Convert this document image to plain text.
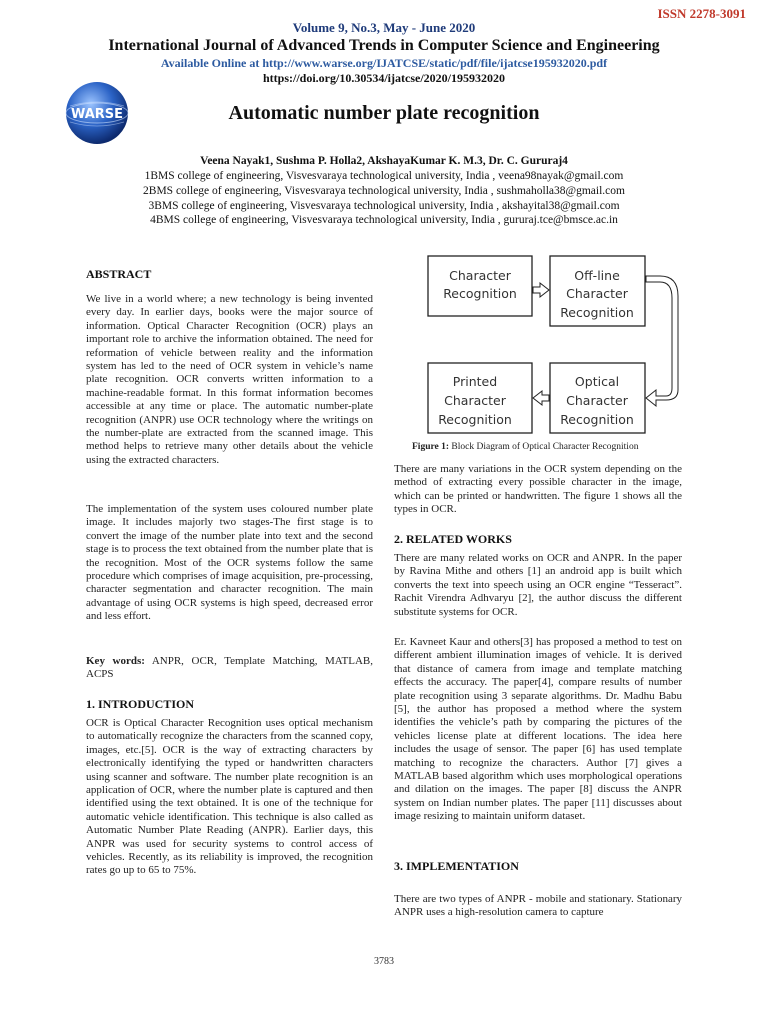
ISSN 2278-3091
Volume 9, No.3, May - June 2020
International Journal of Advanced Trends in Computer Science and Engineering
Available Online at http://www.warse.org/IJATCSE/static/pdf/file/ijatcse195932020.pdf
https://doi.org/10.30534/ijatcse/2020/195932020
WARSE	Automatic number plate recognition
Veena Nayak1, Sushma P. Holla2, AkshayaKumar K. M.3, Dr. C. Gururaj4
1BMS college of engineering, Visvesvaraya technological university, India , veena98nayak@gmail.com
2BMS college of engineering, Visvesvaraya technological university, India , sushmaholla38@gmail.com
3BMS college of engineering, Visvesvaraya technological university, India , akshayital38@gmail.com
4BMS college of engineering, Visvesvaraya technological university, India , gururaj.tce@bmsce.ac.in
ABSTRACT
We live in a world where; a new technology is being invented every day. In earlier days, books were the major source of information. Optical Character Recognition (OCR) plays an important role to archive the information obtained. The need for reformation of vehicle between reality and the information system has led to the need of OCR system in vehicle’s name plate recognition. OCR converts written information to a machine-readable format. In this format information becomes accessible at any time or place. The automatic number-plate recognition (ANPR) use OCR technology where the writings on the number-plate are extracted from the scanned image. This method helps to retrieve many other details about the vehicle using the extracted characters.
The implementation of the system uses coloured number plate image. It includes majorly two stages-The first stage is to convert the image of the number plate into text and the second stage is to process the text obtained from the number plate that is the recognition. Most of the OCR systems follow the same procedure which comprises of image acquisition, pre-processing, character segmentation and character recognition. The main advantage of using OCR systems is high speed, decreased error and less effort.
Key words: ANPR, OCR, Template Matching, MATLAB, ACPS
1. INTRODUCTION
OCR is Optical Character Recognition uses optical mechanism to automatically recognize the characters from the scanned copy, images, etc.[5]. OCR is the way of extracting characters by electronically identifying the typed or handwritten characters using scanner and software. The number plate recognition is an application of OCR, where the number plate is captured and then identified using the text obtained. It is one of the technique for automatic vehicle identification. This technique is also called as Automatic Number Plate Reading (ANPR). Earlier days, this ANPR was used for security systems to control access of vehicles. Recently, as its reliability is improved, the recognition rates go up to 65 to 75%.
Character
Recognition
Off-line
Character
Recognition
Printed
Character
Recognition
Optical
Character
Recognition
Figure 1: Block Diagram of Optical Character Recognition
There are many variations in the OCR system depending on the method of extracting every possible character in the image, which can be printed or handwritten. The figure 1 shows all the types in OCR.
2. RELATED WORKS
There are many related works on OCR and ANPR. In the paper by Ravina Mithe and others [1] an android app is built which converts the text into speech using an OCR engine “Tesseract”. Rachit Virendra Adhvaryu [2], the author discuss the different substitute systems for OCR.
Er. Kavneet Kaur and others[3] has proposed a method to test on different ambient illumination images of vehicle. It is derived that distance of camera from image and template matching effects the accuracy. The paper[4], compare results of number plate recognition using 3 separate algorithms. Dr. Madhu Babu [5], the author has proposed a method where the system identifies the vehicle’s path by comparing the pictures of the vehicles license plate at different locations. The idea here includes the usage of sensor. The paper [6] has used template matching to recognize the characters. Author [7] gives a MATLAB based algorithm which uses morphological operations and dilation on the images. The paper [8] discuss the ANPR system on Indian number plates. The paper [11] discusses about image resizing to maintain uniform dataset.
3. IMPLEMENTATION
There are two types of ANPR - mobile and stationary. Stationary ANPR uses a high-resolution camera to capture
3783
